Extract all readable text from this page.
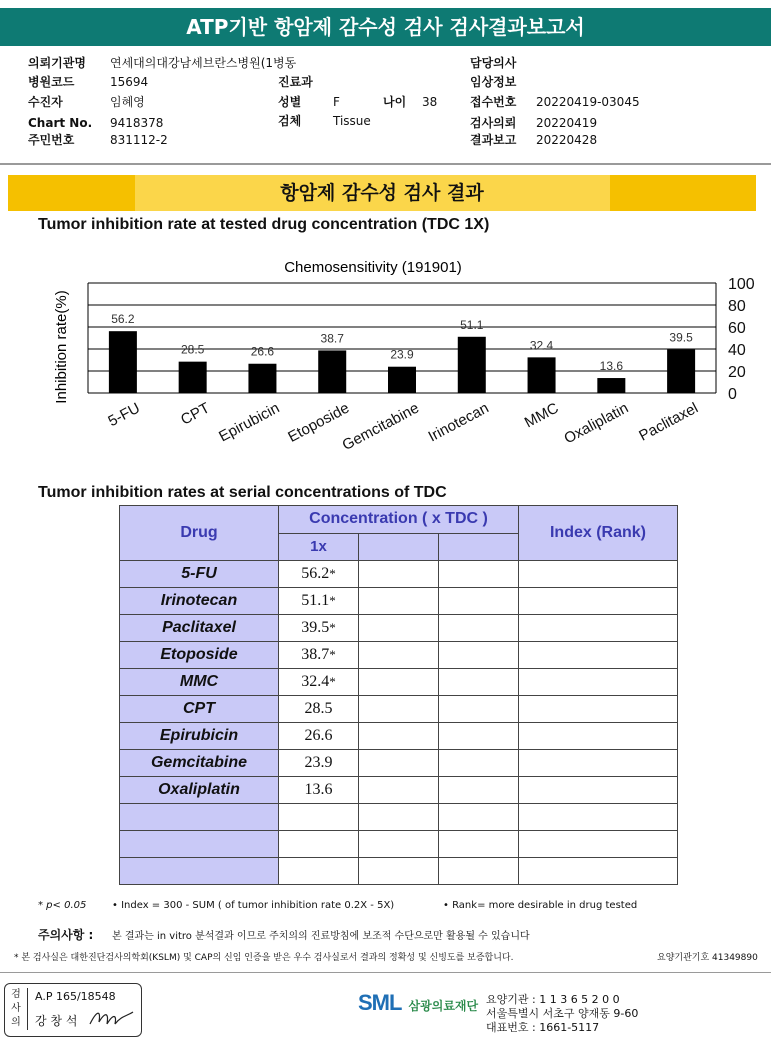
ATP기반 항암제 감수성 검사 검사결과보고서
의뢰기관명 연세대의대강남세브란스병원(1병동
병원코드	15694
수진자	임혜영
Chart No. 9418378
주민번호	831112-2
진료과
성별	F	나이 38
검체	Tissue
담당의사
임상정보
접수번호 20220419-03045
검사의뢰 20220419
결과보고 20220428
항암제 감수성 검사 결과
Tumor inhibition rate at tested drug concentration (TDC 1X)
56.2
28.5	26.6
38.7
23.9
51.1
32.4
13.6
39.5
5-FU CPT Epirubicin Etoposide
Gemcitabine Irinotecan MMC Oxaliplatin Paclitaxel
100
80
60
40
20
0
Chemosensitivity (191901)
Inhibition rate(%)
Tumor inhibition rates at serial concentrations of TDC
Drug	Concentration ( x TDC )			Index (Rank)
	1x			
5-FU	56.2*			
Irinotecan	51.1*			
Paclitaxel	39.5*			
Etoposide	38.7*			
MMC	32.4*			
CPT	28.5			
Epirubicin	26.6			
Gemcitabine	23.9			
Oxaliplatin	13.6			

* p< 0.05	• Index = 300 - SUM ( of tumor inhibition rate 0.2X - 5X)	• Rank= more desirable in drug tested
주의사항 : 본 결과는 in vitro 분석결과 이므로 주치의의 진료방침에 보조적 수단으로만 활용될 수 있습니다
* 본 검사실은 대한진단검사의학회(KSLM) 및 CAP의 신임 인증을 받은 우수 검사실로서 결과의 정확성 및 신빙도를 보증합니다.	요양기관기호 41349890
검사의
A.P 165/18548
강 창 석
SML 삼광의료재단 요양기관 : 1 1 3 6 5 2 0 0
서울특별시 서초구 양재동 9-60
대표번호 : 1661-5117
